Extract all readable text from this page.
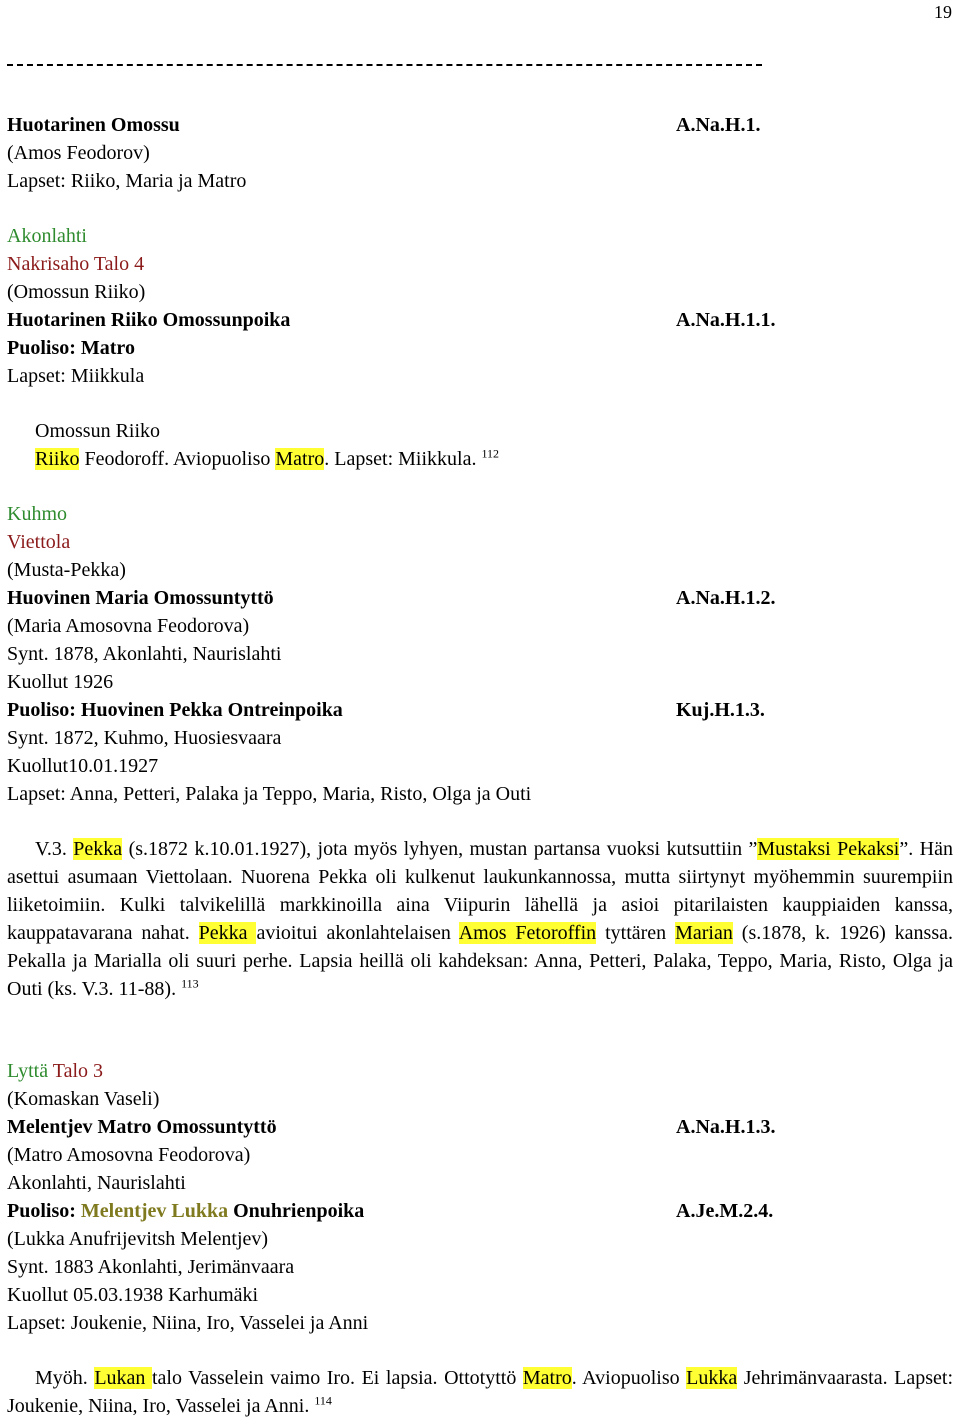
19
Huotarinen Omossu	A.Na.H.1.
(Amos Feodorov)
Lapset: Riiko, Maria ja Matro
Akonlahti
Nakrisaho Talo 4
(Omossun Riiko)
Huotarinen Riiko Omossunpoika	A.Na.H.1.1.
Puoliso: Matro
Lapset: Miikkula
Omossun Riiko
Riiko Feodoroff. Aviopuoliso Matro. Lapset: Miikkula. $^{112}$
Kuhmo
Viettola
(Musta-Pekka)
Huovinen Maria Omossuntyttö	A.Na.H.1.2.
(Maria Amosovna Feodorova)
Synt. 1878, Akonlahti, Naurislahti
Kuollut 1926
Puoliso: Huovinen Pekka Ontreinpoika	Kuj.H.1.3.
Synt. 1872, Kuhmo, Huosiesvaara
Kuollut10.01.1927
Lapset: Anna, Petteri, Palaka ja Teppo, Maria, Risto, Olga ja Outi
V.3. Pekka (s.1872 k.10.01.1927), jota myös lyhyen, mustan partansa vuoksi kutsuttiin ”Mustaksi Pekaksi”. Hän asettui asumaan Viettolaan. Nuorena Pekka oli kulkenut laukunkannossa, mutta siirtynyt myöhemmin suurempiin liiketoimiin. Kulki talvikelillä markkinoilla aina Viipurin lähellä ja asioi pitarilaisten kauppiaiden kanssa, kauppatavarana nahat. Pekka avioitui akonlahtelaisen Amos Fetoroffin tyttären Marian (s.1878, k. 1926) kanssa. Pekalla ja Marialla oli suuri perhe. Lapsia heillä oli kahdeksan: Anna, Petteri, Palaka, Teppo, Maria, Risto, Olga ja Outi (ks. V.3. 11-88). $^{113}$
Lyttä Talo 3
(Komaskan Vaseli)
Melentjev Matro Omossuntyttö	A.Na.H.1.3.
(Matro Amosovna Feodorova)
Akonlahti, Naurislahti
Puoliso: Melentjev Lukka Onuhrienpoika	A.Je.M.2.4.
(Lukka Anufrijevitsh Melentjev)
Synt. 1883 Akonlahti, Jerimänvaara
Kuollut 05.03.1938 Karhumäki
Lapset: Joukenie, Niina, Iro, Vasselei ja Anni
Myöh. Lukan talo Vasselein vaimo Iro. Ei lapsia. Ottotyttö Matro. Aviopuoliso Lukka Jehrimänvaarasta. Lapset: Joukenie, Niina, Iro, Vasselei ja Anni. $^{114}$
